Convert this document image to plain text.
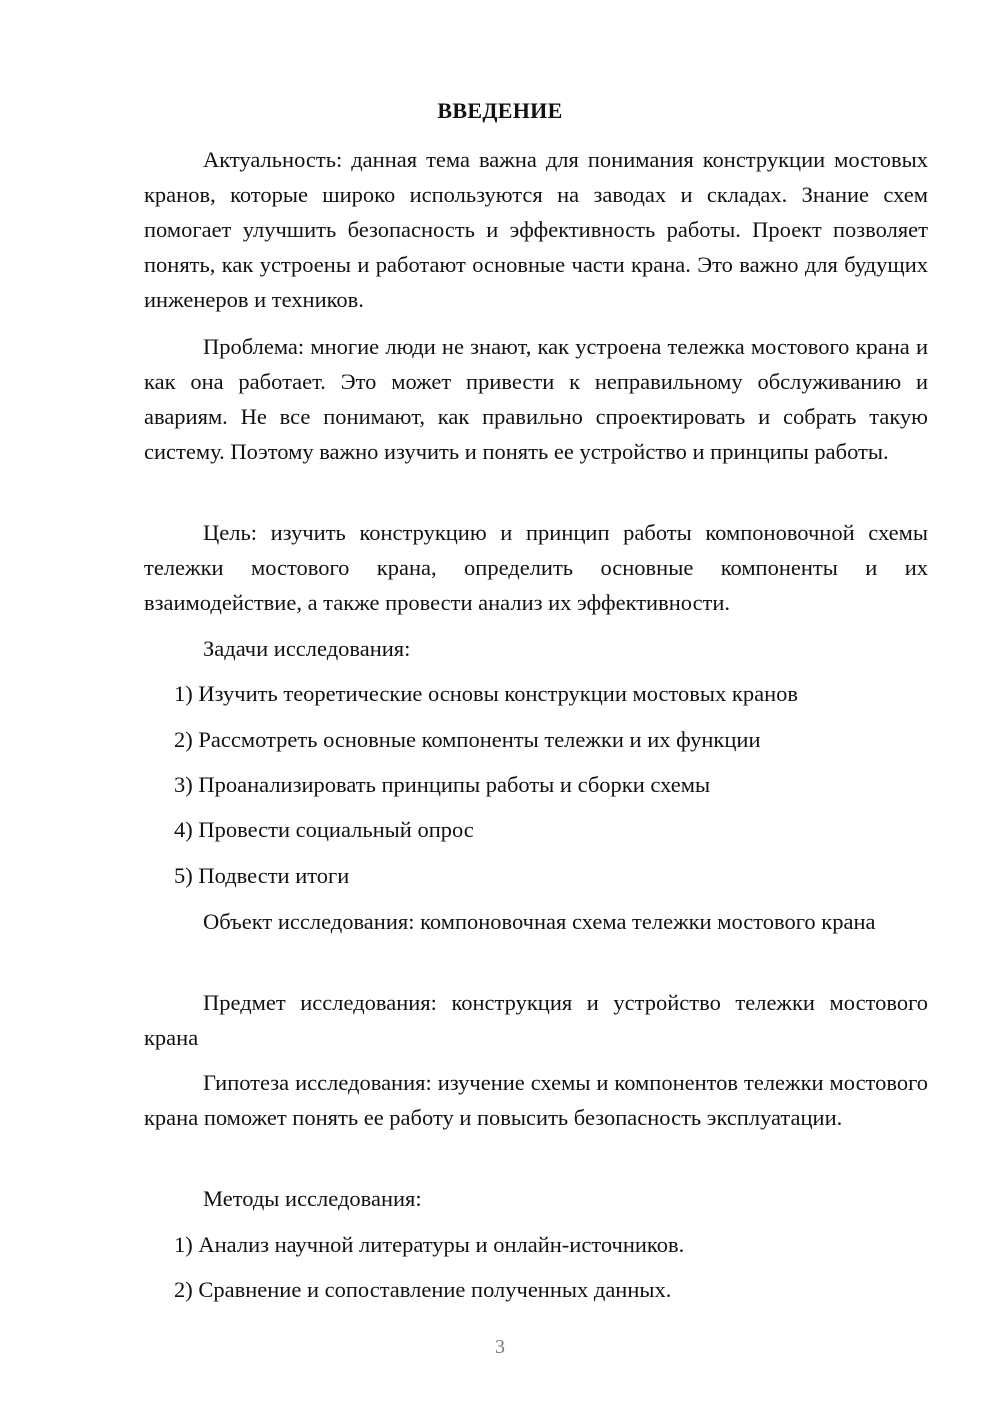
ВВЕДЕНИЕ

Актуальность: данная тема важна для понимания конструкции мостовых кранов, которые широко используются на заводах и складах. Знание схем помогает улучшить безопасность и эффективность работы. Проект позволяет понять, как устроены и работают основные части крана. Это важно для будущих инженеров и техников.

Проблема: многие люди не знают, как устроена тележка мостового крана и как она работает. Это может привести к неправильному обслуживанию и авариям. Не все понимают, как правильно спроектировать и собрать такую систему. Поэтому важно изучить и понять ее устройство и принципы работы.

Цель: изучить конструкцию и принцип работы компоновочной схемы тележки мостового крана, определить основные компоненты и их взаимодействие, а также провести анализ их эффективности.

Задачи исследования:

1) Изучить теоретические основы конструкции мостовых кранов

2) Рассмотреть основные компоненты тележки и их функции

3) Проанализировать принципы работы и сборки схемы

4) Провести социальный опрос

5) Подвести итоги

Объект исследования: компоновочная схема тележки мостового крана

Предмет исследования: конструкция и устройство тележки мостового крана

Гипотеза исследования: изучение схемы и компонентов тележки мостового крана поможет понять ее работу и повысить безопасность эксплуатации.

Методы исследования:

1) Анализ научной литературы и онлайн-источников.

2) Сравнение и сопоставление полученных данных.

3
